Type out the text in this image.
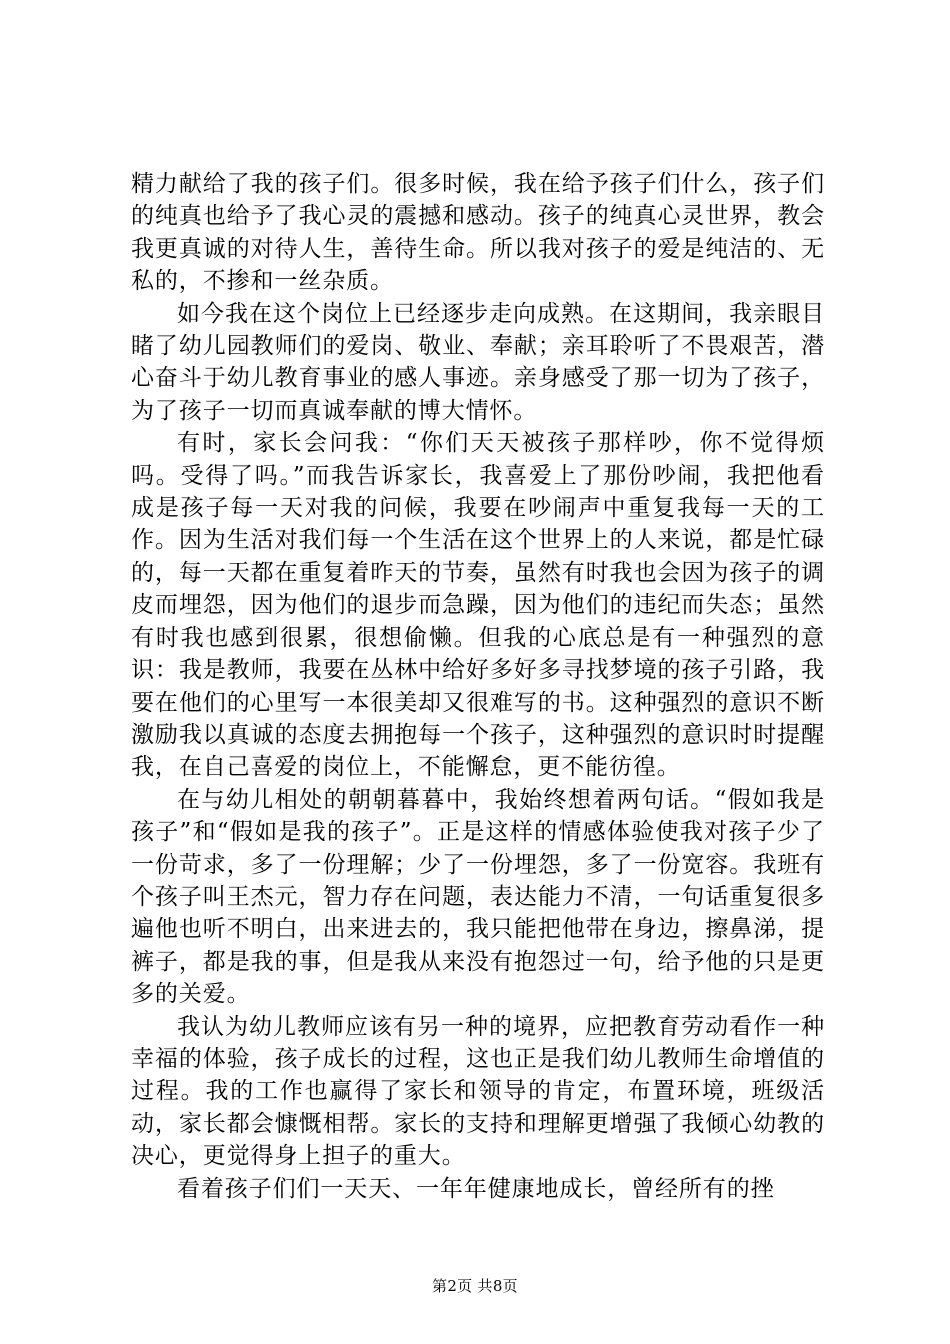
精力献给了我的孩子们。很多时候，我在给予孩子们什么，孩子们的纯真也给予了我心灵的震撼和感动。孩子的纯真心灵世界，教会我更真诚的对待人生，善待生命。所以我对孩子的爱是纯洁的、无私的，不掺和一丝杂质。

如今我在这个岗位上已经逐步走向成熟。在这期间，我亲眼目睹了幼儿园教师们的爱岗、敬业、奉献；亲耳聆听了不畏艰苦，潜心奋斗于幼儿教育事业的感人事迹。亲身感受了那一切为了孩子，为了孩子一切而真诚奉献的博大情怀。

有时，家长会问我：“你们天天被孩子那样吵，你不觉得烦吗。受得了吗。”而我告诉家长，我喜爱上了那份吵闹，我把他看成是孩子每一天对我的问候，我要在吵闹声中重复我每一天的工作。因为生活对我们每一个生活在这个世界上的人来说，都是忙碌的，每一天都在重复着昨天的节奏，虽然有时我也会因为孩子的调皮而埋怨，因为他们的退步而急躁，因为他们的违纪而失态；虽然有时我也感到很累，很想偷懒。但我的心底总是有一种强烈的意识：我是教师，我要在丛林中给好多好多寻找梦境的孩子引路，我要在他们的心里写一本很美却又很难写的书。这种强烈的意识不断激励我以真诚的态度去拥抱每一个孩子，这种强烈的意识时时提醒我，在自己喜爱的岗位上，不能懈怠，更不能彷徨。

在与幼儿相处的朝朝暮暮中，我始终想着两句话。“假如我是孩子”和“假如是我的孩子”。正是这样的情感体验使我对孩子少了一份苛求，多了一份理解；少了一份埋怨，多了一份宽容。我班有个孩子叫王杰元，智力存在问题，表达能力不清，一句话重复很多遍他也听不明白，出来进去的，我只能把他带在身边，擦鼻涕，提裤子，都是我的事，但是我从来没有抱怨过一句，给予他的只是更多的关爱。

我认为幼儿教师应该有另一种的境界，应把教育劳动看作一种幸福的体验，孩子成长的过程，这也正是我们幼儿教师生命增值的过程。我的工作也赢得了家长和领导的肯定，布置环境，班级活动，家长都会慷慨相帮。家长的支持和理解更增强了我倾心幼教的决心，更觉得身上担子的重大。

看着孩子们们一天天、一年年健康地成长，曾经所有的挫

第2页 共8页
